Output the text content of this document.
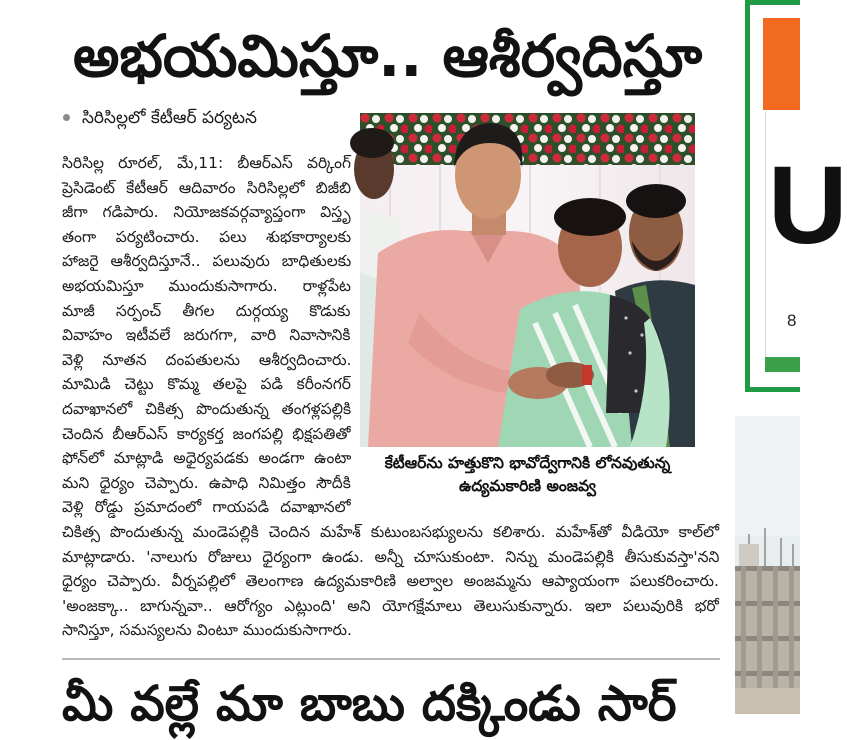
అభయమిస్తూ.. ఆశీర్వదిస్తూ
సిరిసిల్లలో కేటీఆర్ పర్యటన
సిరిసిల్ల రూరల్, మే,11: బీఆర్‌ఎస్ వర్కింగ్
ప్రెసిడెంట్ కేటీఆర్ ఆదివారం సిరిసిల్లలో బిజీబి
జీగా గడిపారు. నియోజకవర్గవ్యాప్తంగా విస్తృ
తంగా పర్యటించారు. పలు శుభకార్యాలకు
హాజరై ఆశీర్వదిస్తూనే.. పలువురు బాధితులకు
అభయమిస్తూ ముందుకుసాగారు. రాళ్లపేట
మాజీ సర్పంచ్ తీగల దుర్గయ్య కొడుకు
వివాహం ఇటీవలే జరుగగా, వారి నివాసానికి
వెళ్లి నూతన దంపతులను ఆశీర్వదించారు.
మామిడి చెట్టు కొమ్మ తలపై పడి కరీంనగర్
దవాఖానలో చికిత్స పొందుతున్న తంగళ్లపల్లికి
చెందిన బీఆర్‌ఎస్ కార్యకర్త జంగపల్లి భిక్షపతితో
ఫోన్‌లో మాట్లాడి అధైర్యపడకు అండగా ఉంటా
మని ధైర్యం చెప్పారు. ఉపాధి నిమిత్తం సౌదీకి
వెళ్లి రోడ్డు ప్రమాదంలో గాయపడి దవాఖానలో
కేటీఆర్‌ను హత్తుకొని భావోద్వేగానికి లోనవుతున్న
ఉద్యమకారిణి అంజవ్వ
చికిత్స పొందుతున్న మండెపల్లికి చెందిన మహేశ్ కుటుంబసభ్యులను కలిశారు. మహేశ్‌తో వీడియో కాల్‌లో
మాట్లాడారు. 'నాలుగు రోజులు ధైర్యంగా ఉండు. అన్నీ చూసుకుంటా. నిన్ను మండెపల్లికి తీసుకువస్తా'నని
ధైర్యం చెప్పారు. వీర్నపల్లిలో తెలంగాణ ఉద్యమకారిణి అల్వాల అంజమ్మను ఆప్యాయంగా పలుకరించారు.
'అంజక్కా.. బాగున్నవా.. ఆరోగ్యం ఎట్లుంది' అని యోగక్షేమాలు తెలుసుకున్నారు. ఇలా పలువురికి భరో
సానిస్తూ, సమస్యలను వింటూ ముందుకుసాగారు.
మీ వల్లే మా బాబు దక్కిండు సార్
U
8
